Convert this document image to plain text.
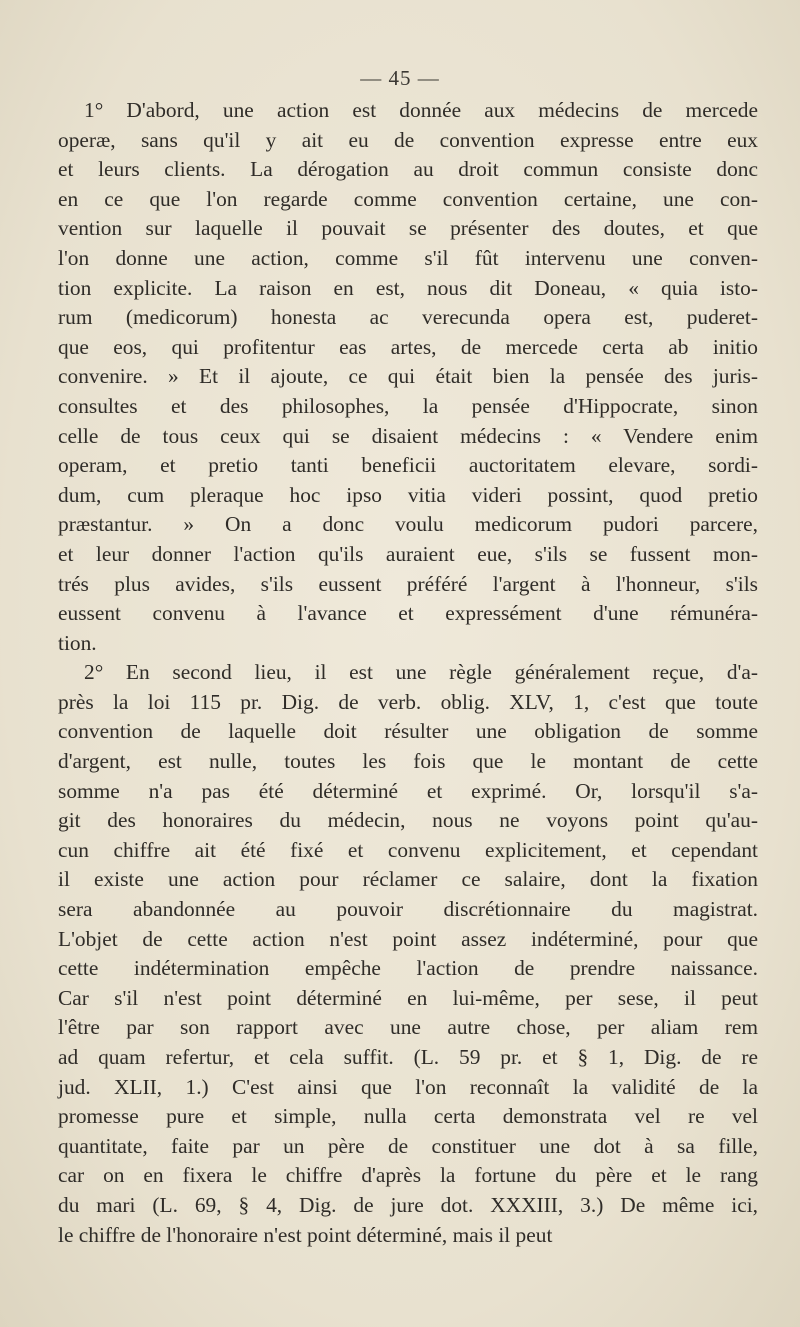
— 45 —
1° D'abord, une action est donnée aux médecins de mercede
operæ, sans qu'il y ait eu de convention expresse entre eux
et leurs clients. La dérogation au droit commun consiste donc
en ce que l'on regarde comme convention certaine, une con-
vention sur laquelle il pouvait se présenter des doutes, et que
l'on donne une action, comme s'il fût intervenu une conven-
tion explicite. La raison en est, nous dit Doneau, « quia isto-
rum (medicorum) honesta ac verecunda opera est, puderet-
que eos, qui profitentur eas artes, de mercede certa ab initio
convenire. » Et il ajoute, ce qui était bien la pensée des juris-
consultes et des philosophes, la pensée d'Hippocrate, sinon
celle de tous ceux qui se disaient médecins : « Vendere enim
operam, et pretio tanti beneficii auctoritatem elevare, sordi-
dum, cum pleraque hoc ipso vitia videri possint, quod pretio
præstantur. » On a donc voulu medicorum pudori parcere,
et leur donner l'action qu'ils auraient eue, s'ils se fussent mon-
trés plus avides, s'ils eussent préféré l'argent à l'honneur, s'ils
eussent convenu à l'avance et expressément d'une rémunéra-
tion.
2° En second lieu, il est une règle généralement reçue, d'a-
près la loi 115 pr. Dig. de verb. oblig. XLV, 1, c'est que toute
convention de laquelle doit résulter une obligation de somme
d'argent, est nulle, toutes les fois que le montant de cette
somme n'a pas été déterminé et exprimé. Or, lorsqu'il s'a-
git des honoraires du médecin, nous ne voyons point qu'au-
cun chiffre ait été fixé et convenu explicitement, et cependant
il existe une action pour réclamer ce salaire, dont la fixation
sera abandonnée au pouvoir discrétionnaire du magistrat.
L'objet de cette action n'est point assez indéterminé, pour que
cette indétermination empêche l'action de prendre naissance.
Car s'il n'est point déterminé en lui-même, per sese, il peut
l'être par son rapport avec une autre chose, per aliam rem
ad quam refertur, et cela suffit. (L. 59 pr. et § 1, Dig. de re
jud. XLII, 1.) C'est ainsi que l'on reconnaît la validité de la
promesse pure et simple, nulla certa demonstrata vel re vel
quantitate, faite par un père de constituer une dot à sa fille,
car on en fixera le chiffre d'après la fortune du père et le rang
du mari (L. 69, § 4, Dig. de jure dot. XXXIII, 3.) De même ici,
le chiffre de l'honoraire n'est point déterminé, mais il peut
